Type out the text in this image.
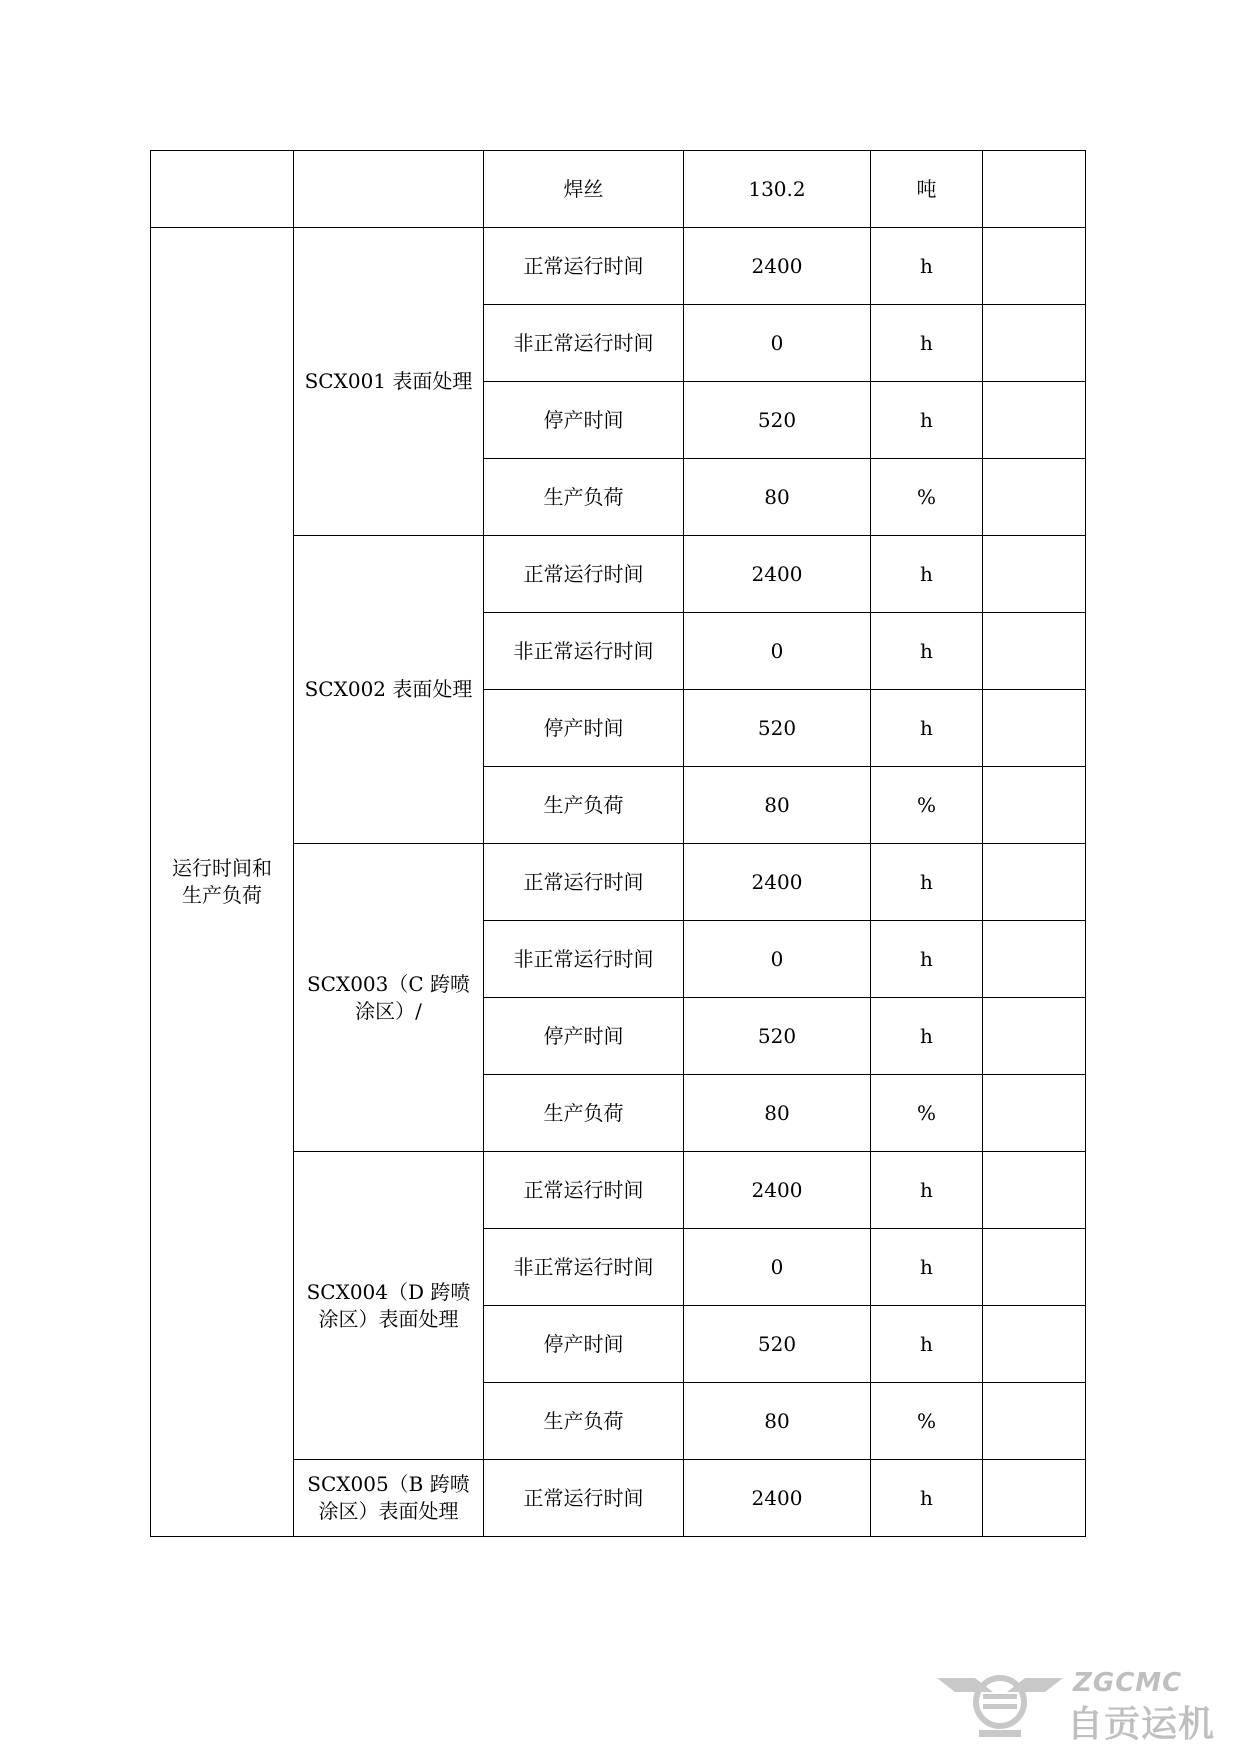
		焊丝	130.2	吨	
运行时间和
生产负荷	SCX001 表面处理	正常运行时间	2400	h	
		非正常运行时间	0	h	
		停产时间	520	h	
		生产负荷	80	%	
	SCX002 表面处理	正常运行时间	2400	h	
		非正常运行时间	0	h	
		停产时间	520	h	
		生产负荷	80	%	
	SCX003（C 跨喷涂区）/	正常运行时间	2400	h	
		非正常运行时间	0	h	
		停产时间	520	h	
		生产负荷	80	%	
	SCX004（D 跨喷涂区）表面处理	正常运行时间	2400	h	
		非正常运行时间	0	h	
		停产时间	520	h	
		生产负荷	80	%	
	SCX005（B 跨喷涂区）表面处理	正常运行时间	2400	h	
ZGCMC
自贡运机
